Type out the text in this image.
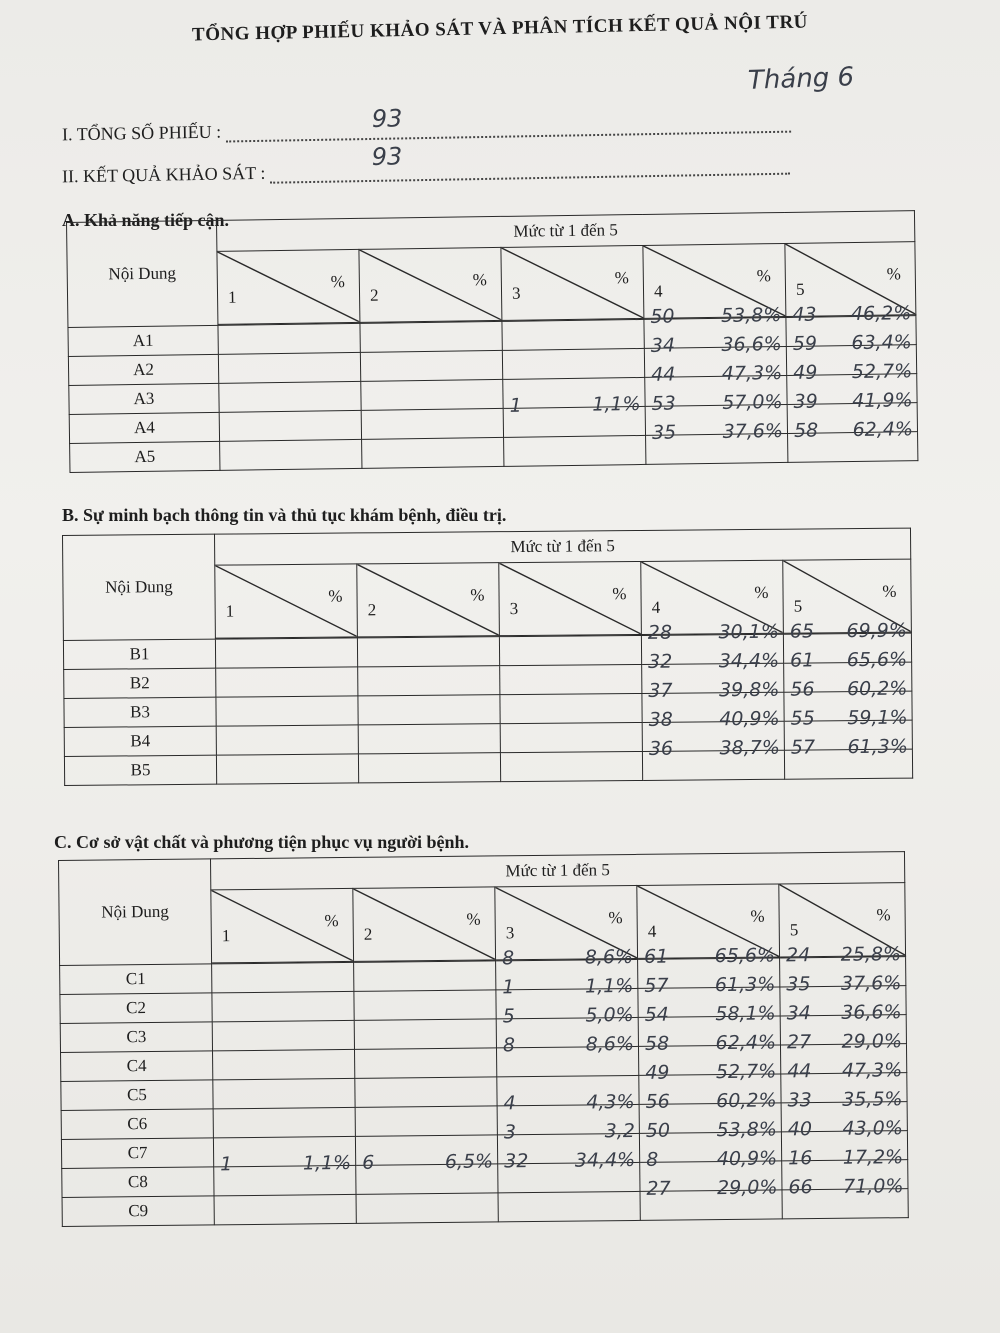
TỔNG HỢP PHIẾU KHẢO SÁT VÀ PHÂN TÍCH KẾT QUẢ NỘI TRÚ
Tháng 6
I. TỔNG SỐ PHIẾU :
93
II. KẾT QUẢ KHẢO SÁT :
93
A. Khả năng tiếp cận.
Nội Dung	Mức từ 1 đến 5				

	1
%	2
%	3
%	4
%	5
%

A1				50 53,8%	43 46,2%

A2				34 36,6%	59 63,4%

A3				44 47,3%	49 52,7%

A4			1 1,1%	53 57,0%	39 41,9%

A5				35 37,6%	58 62,4%
B. Sự minh bạch thông tin và thủ tục khám bệnh, điều trị.
Nội Dung	Mức từ 1 đến 5				

	1
%	2
%	3
%	4
%	5
%

B1				28 30,1%	65 69,9%

B2				32 34,4%	61 65,6%

B3				37 39,8%	56 60,2%

B4				38 40,9%	55 59,1%

B5				36 38,7%	57 61,3%
C. Cơ sở vật chất và phương tiện phục vụ người bệnh.
Nội Dung	Mức từ 1 đến 5				

	1
%	2
%	3
%	4
%	5
%

C1			8 8,6%	61 65,6%	24 25,8%

C2			1 1,1%	57 61,3%	35 37,6%

C3			5 5,0%	54 58,1%	34 36,6%

C4			8 8,6%	58 62,4%	27 29,0%

C5				49 52,7%	44 47,3%

C6			4 4,3%	56 60,2%	33 35,5%

C7			3 3,2	50 53,8%	40 43,0%

C8	1 1,1%	6 6,5%	32 34,4%	8 40,9%	16 17,2%

C9				27 29,0%	66 71,0%
